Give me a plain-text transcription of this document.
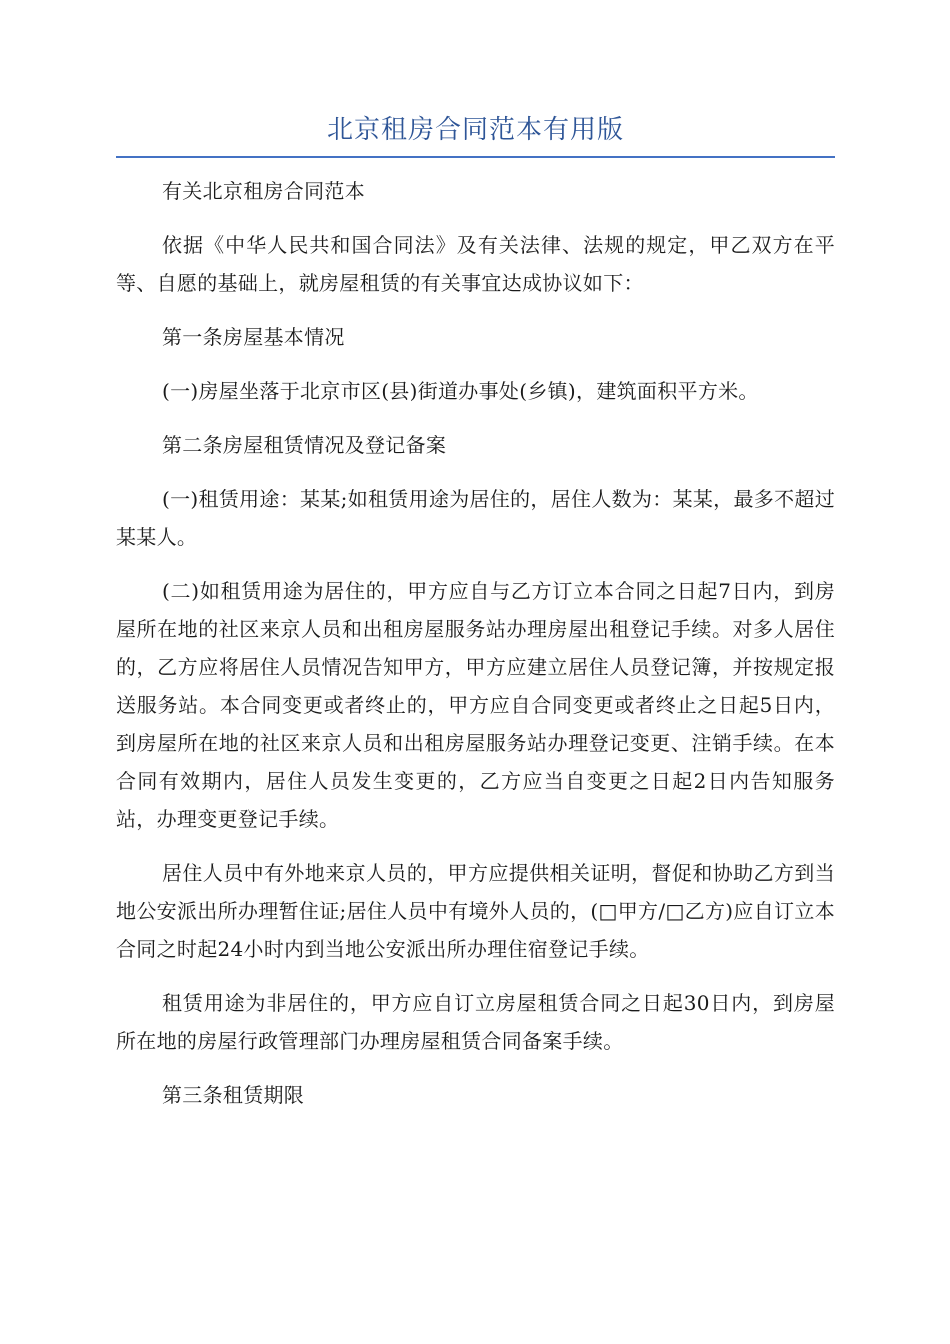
北京租房合同范本有用版

有关北京租房合同范本

依据《中华人民共和国合同法》及有关法律、法规的规定，甲乙双方在平等、自愿的基础上，就房屋租赁的有关事宜达成协议如下：

第一条房屋基本情况

(一)房屋坐落于北京市区(县)街道办事处(乡镇)，建筑面积平方米。

第二条房屋租赁情况及登记备案

(一)租赁用途：某某;如租赁用途为居住的，居住人数为：某某，最多不超过某某人。

(二)如租赁用途为居住的，甲方应自与乙方订立本合同之日起7日内，到房屋所在地的社区来京人员和出租房屋服务站办理房屋出租登记手续。对多人居住的，乙方应将居住人员情况告知甲方，甲方应建立居住人员登记簿，并按规定报送服务站。本合同变更或者终止的，甲方应自合同变更或者终止之日起5日内，到房屋所在地的社区来京人员和出租房屋服务站办理登记变更、注销手续。在本合同有效期内，居住人员发生变更的，乙方应当自变更之日起2日内告知服务站，办理变更登记手续。

居住人员中有外地来京人员的，甲方应提供相关证明，督促和协助乙方到当地公安派出所办理暂住证;居住人员中有境外人员的，(□甲方/□乙方)应自订立本合同之时起24小时内到当地公安派出所办理住宿登记手续。

租赁用途为非居住的，甲方应自订立房屋租赁合同之日起30日内，到房屋所在地的房屋行政管理部门办理房屋租赁合同备案手续。

第三条租赁期限
